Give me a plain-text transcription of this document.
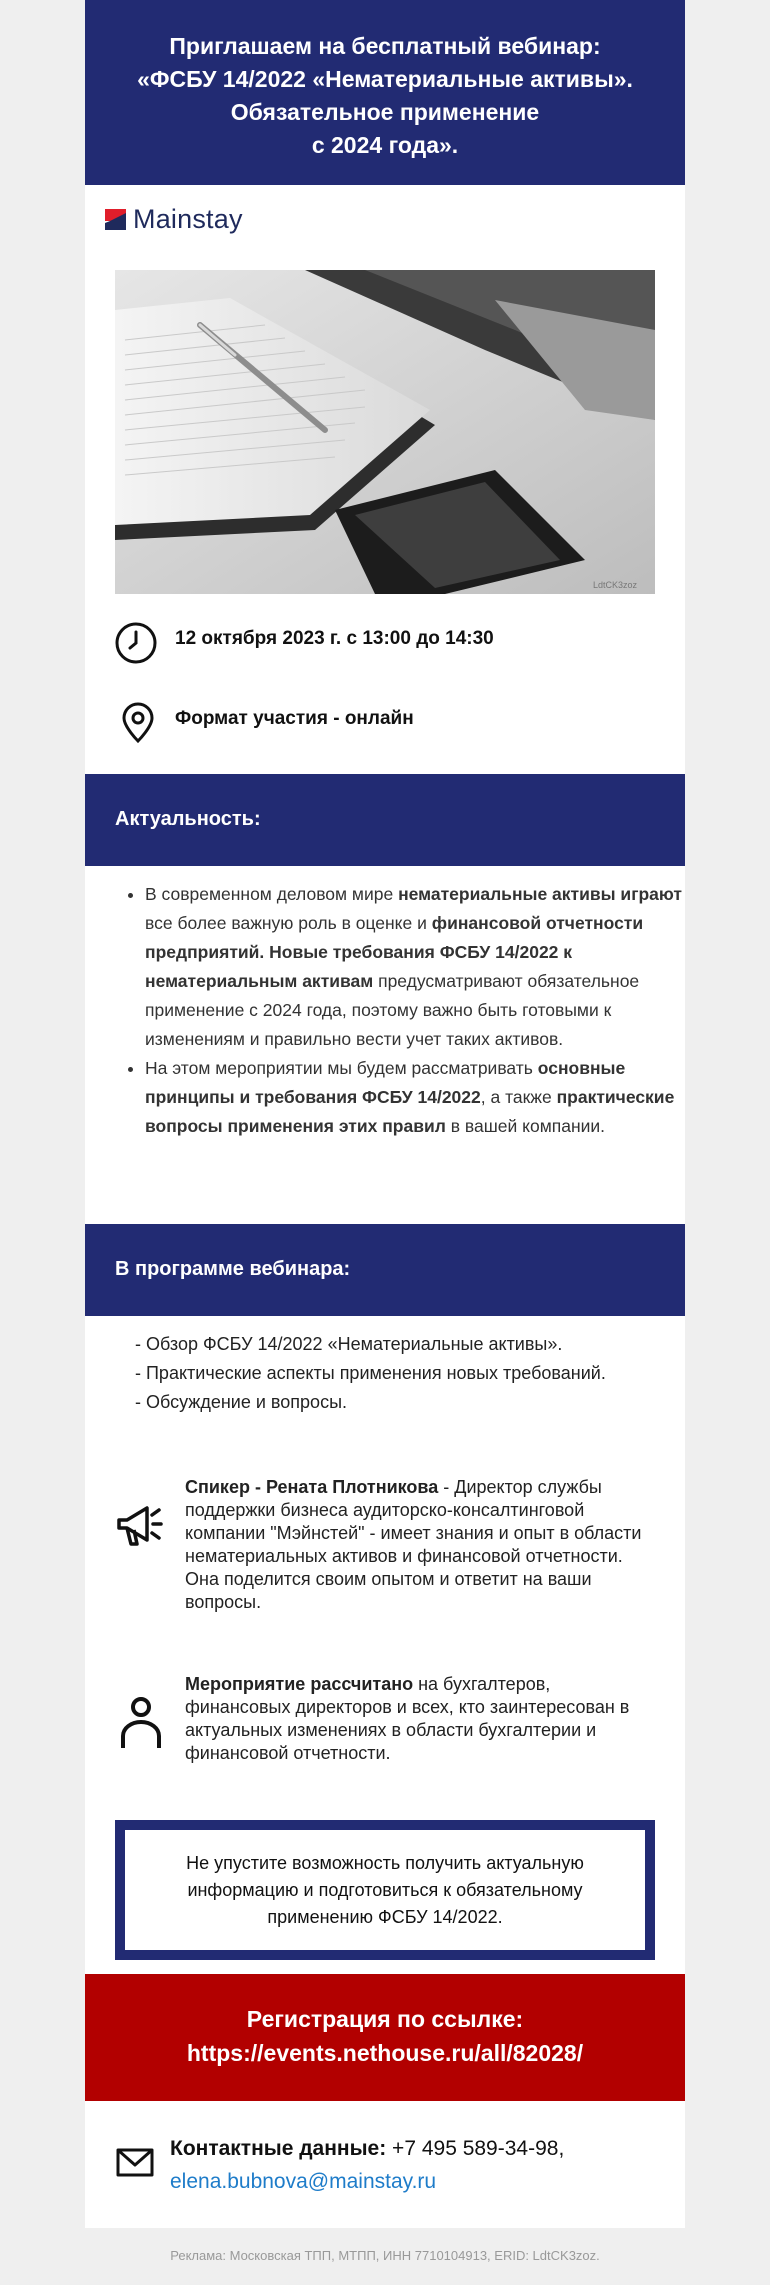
Приглашаем на бесплатный вебинар:
«ФСБУ 14/2022 «Нематериальные активы».
Обязательное применение
с 2024 года».
Mainstay
LdtCK3zoz
12 октября 2023 г. с 13:00 до 14:30
Формат участия - онлайн
Актуальность:
• В современном деловом мире нематериальные активы играют все более важную роль в оценке и финансовой отчетности предприятий. Новые требования ФСБУ 14/2022 к нематериальным активам предусматривают обязательное применение с 2024 года, поэтому важно быть готовыми к изменениям и правильно вести учет таких активов.
• На этом мероприятии мы будем рассматривать основные принципы и требования ФСБУ 14/2022, а также практические вопросы применения этих правил в вашей компании.
В программе вебинара:
- Обзор ФСБУ 14/2022 «Нематериальные активы».
- Практические аспекты применения новых требований.
- Обсуждение и вопросы.
Спикер - Рената Плотникова - Директор службы поддержки бизнеса аудиторско-консалтинговой компании "Мэйнстей" - имеет знания и опыт в области нематериальных активов и финансовой отчетности. Она поделится своим опытом и ответит на ваши вопросы.
Мероприятие рассчитано на бухгалтеров, финансовых директоров и всех, кто заинтересован в актуальных изменениях в области бухгалтерии и финансовой отчетности.
Не упустите возможность получить актуальную информацию и подготовиться к обязательному применению ФСБУ 14/2022.
Регистрация по ссылке:
https://events.nethouse.ru/all/82028/
Контактные данные: +7 495 589-34-98,
elena.bubnova@mainstay.ru
Реклама: Московская ТПП, МТПП, ИНН 7710104913, ERID: LdtCK3zoz.
